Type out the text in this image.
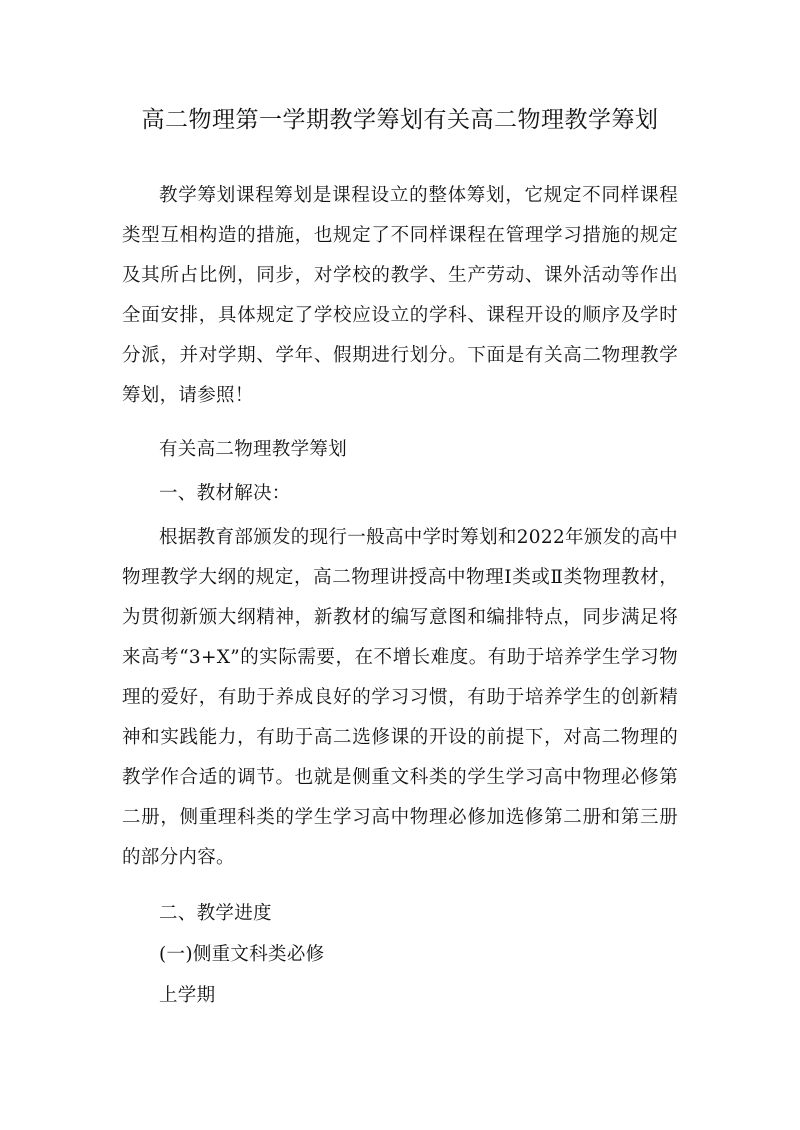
高二物理第一学期教学筹划有关高二物理教学筹划

教学筹划课程筹划是课程设立的整体筹划，它规定不同样课程类型互相构造的措施，也规定了不同样课程在管理学习措施的规定及其所占比例，同步，对学校的教学、生产劳动、课外活动等作出全面安排，具体规定了学校应设立的学科、课程开设的顺序及学时分派，并对学期、学年、假期进行划分。下面是有关高二物理教学筹划，请参照！

有关高二物理教学筹划

一、教材解决：

根据教育部颁发的现行一般高中学时筹划和2022年颁发的高中物理教学大纲的规定，高二物理讲授高中物理Ⅰ类或Ⅱ类物理教材，为贯彻新颁大纲精神，新教材的编写意图和编排特点，同步满足将来高考“3+X”的实际需要，在不增长难度。有助于培养学生学习物理的爱好，有助于养成良好的学习习惯，有助于培养学生的创新精神和实践能力，有助于高二选修课的开设的前提下，对高二物理的教学作合适的调节。也就是侧重文科类的学生学习高中物理必修第二册，侧重理科类的学生学习高中物理必修加选修第二册和第三册的部分内容。

二、教学进度

(一)侧重文科类必修

上学期
